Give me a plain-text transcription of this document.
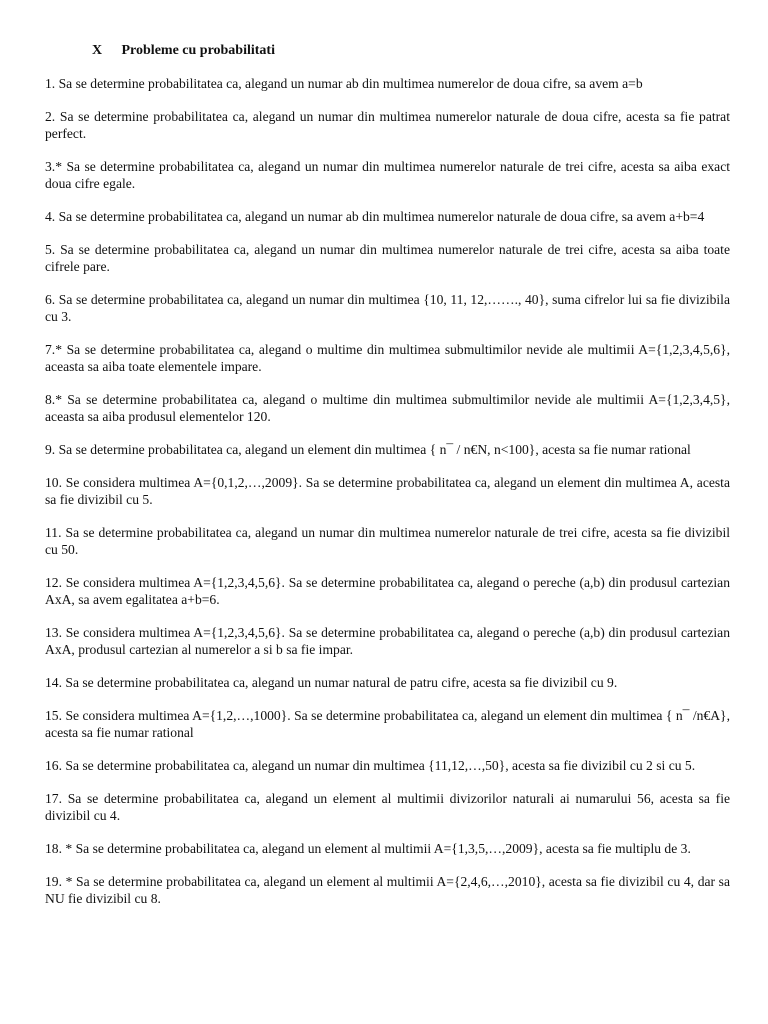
X Probleme cu probabilitati
1. Sa se determine probabilitatea ca, alegand un numar ab din multimea numerelor de doua cifre, sa avem a=b
2. Sa se determine probabilitatea ca, alegand un numar din multimea numerelor naturale de doua cifre, acesta sa fie patrat perfect.
3.* Sa se determine probabilitatea ca, alegand un numar din multimea numerelor naturale de trei cifre, acesta sa aiba exact doua cifre egale.
4. Sa se determine probabilitatea ca, alegand un numar ab din multimea numerelor naturale de doua cifre, sa avem a+b=4
5. Sa se determine probabilitatea ca, alegand un numar din multimea numerelor naturale de trei cifre, acesta sa aiba toate cifrele pare.
6. Sa se determine probabilitatea ca, alegand un numar din multimea {10, 11, 12,……., 40}, suma cifrelor lui sa fie divizibila cu 3.
7.* Sa se determine probabilitatea ca, alegand o multime din multimea submultimilor nevide ale multimii A={1,2,3,4,5,6}, aceasta sa aiba toate elementele impare.
8.* Sa se determine probabilitatea ca, alegand o multime din multimea submultimilor nevide ale multimii A={1,2,3,4,5}, aceasta sa aiba produsul elementelor 120.
9. Sa se determine probabilitatea ca, alegand un element din multimea { n¯ / n€N, n<100}, acesta sa fie numar rational
10. Se considera multimea A={0,1,2,…,2009}. Sa se determine probabilitatea ca, alegand un element din multimea A, acesta sa fie divizibil cu 5.
11. Sa se determine probabilitatea ca, alegand un numar din multimea numerelor naturale de trei cifre, acesta sa fie divizibil cu 50.
12. Se considera multimea A={1,2,3,4,5,6}. Sa se determine probabilitatea ca, alegand o pereche (a,b) din produsul cartezian AxA, sa avem egalitatea a+b=6.
13. Se considera multimea A={1,2,3,4,5,6}. Sa se determine probabilitatea ca, alegand o pereche (a,b) din produsul cartezian AxA, produsul cartezian al numerelor a si b sa fie impar.
14. Sa se determine probabilitatea ca, alegand un numar natural de patru cifre, acesta sa fie divizibil cu 9.
15. Se considera multimea A={1,2,…,1000}. Sa se determine probabilitatea ca, alegand un element din multimea { n¯ /n€A}, acesta sa fie numar rational
16. Sa se determine probabilitatea ca, alegand un numar din multimea {11,12,…,50}, acesta sa fie divizibil cu 2 si cu 5.
17. Sa se determine probabilitatea ca, alegand un element al multimii divizorilor naturali ai numarului 56, acesta sa fie divizibil cu 4.
18. * Sa se determine probabilitatea ca, alegand un element al multimii A={1,3,5,…,2009}, acesta sa fie multiplu de 3.
19. * Sa se determine probabilitatea ca, alegand un element al multimii A={2,4,6,…,2010}, acesta sa fie divizibil cu 4, dar sa NU fie divizibil cu 8.
